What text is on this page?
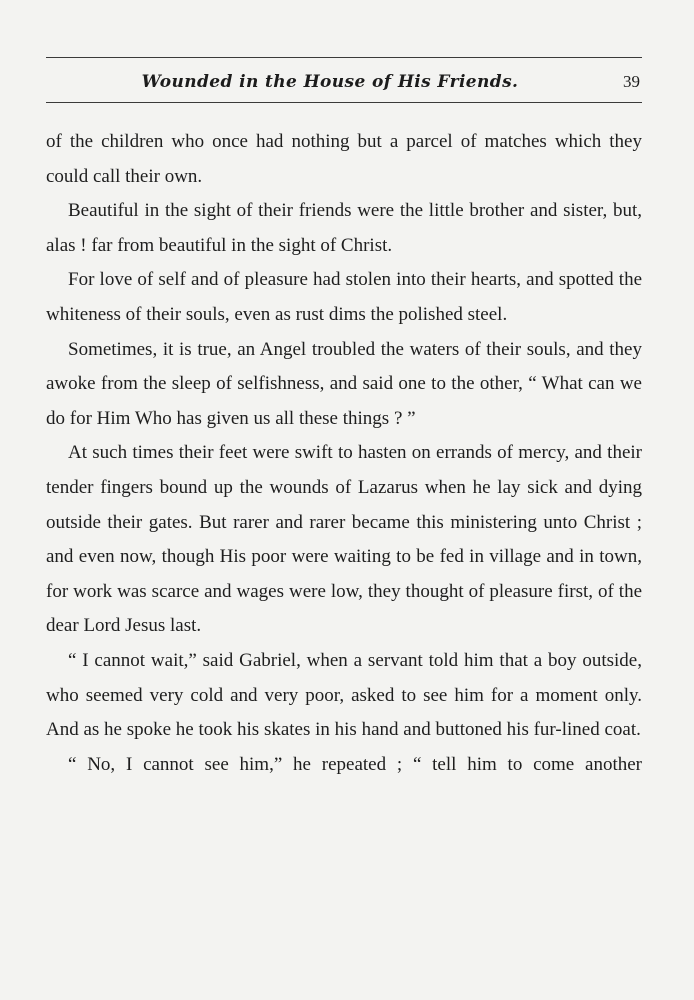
Wounded in the House of His Friends.	39

of the children who once had nothing but a parcel of matches which they could call their own.

Beautiful in the sight of their friends were the little brother and sister, but, alas ! far from beautiful in the sight of Christ.

For love of self and of pleasure had stolen into their hearts, and spotted the whiteness of their souls, even as rust dims the polished steel.

Sometimes, it is true, an Angel troubled the waters of their souls, and they awoke from the sleep of selfishness, and said one to the other, “ What can we do for Him Who has given us all these things ? ”

At such times their feet were swift to hasten on errands of mercy, and their tender fingers bound up the wounds of Lazarus when he lay sick and dying outside their gates. But rarer and rarer became this ministering unto Christ ; and even now, though His poor were waiting to be fed in village and in town, for work was scarce and wages were low, they thought of pleasure first, of the dear Lord Jesus last.

“ I cannot wait,” said Gabriel, when a servant told him that a boy outside, who seemed very cold and very poor, asked to see him for a moment only. And as he spoke he took his skates in his hand and buttoned his fur-lined coat.

“ No, I cannot see him,” he repeated ; “ tell him to come another
